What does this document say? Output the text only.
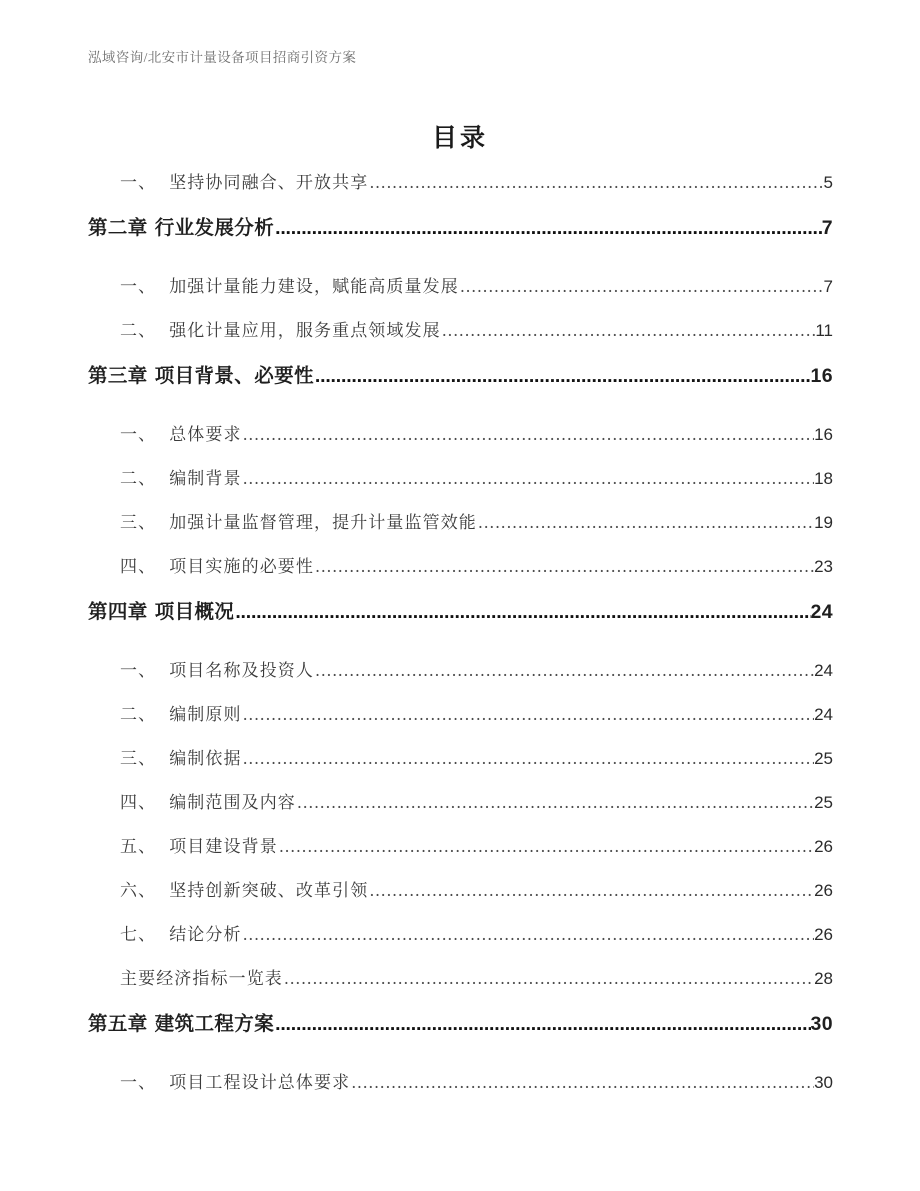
泓域咨询/北安市计量设备项目招商引资方案
目录
一、 坚持协同融合、开放共享 .....	5
第二章 行业发展分析 .....	7
一、 加强计量能力建设，赋能高质量发展 .....	7
二、 强化计量应用，服务重点领域发展 .....	11
第三章 项目背景、必要性 .....	16
一、 总体要求 .....	16
二、 编制背景 .....	18
三、 加强计量监督管理，提升计量监管效能 .....	19
四、 项目实施的必要性 .....	23
第四章 项目概况 .....	24
一、 项目名称及投资人 .....	24
二、 编制原则 .....	24
三、 编制依据 .....	25
四、 编制范围及内容 .....	25
五、 项目建设背景 .....	26
六、 坚持创新突破、改革引领 .....	26
七、 结论分析 .....	26
主要经济指标一览表 .....	28
第五章 建筑工程方案 .....	30
一、 项目工程设计总体要求 .....	30
